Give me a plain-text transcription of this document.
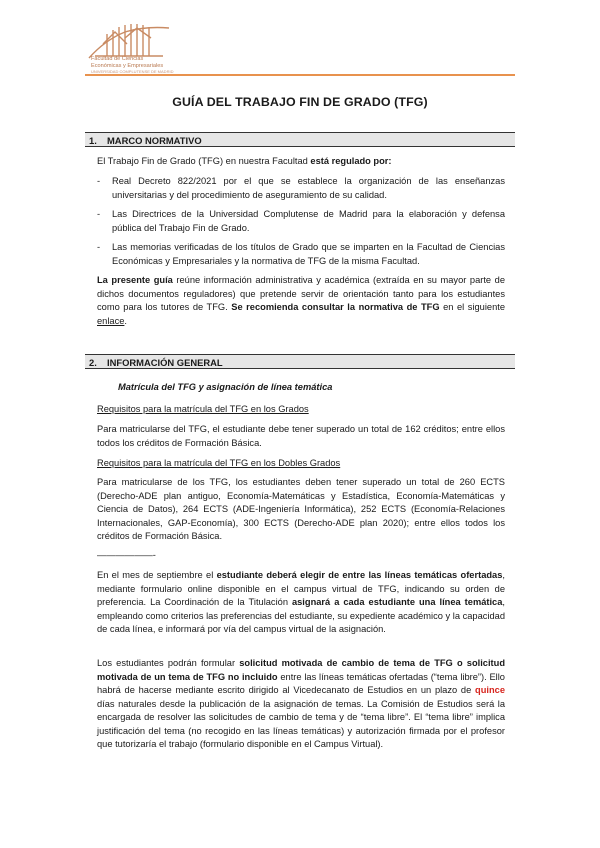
Facultad de Ciencias
Económicas y Empresariales
UNIVERSIDAD COMPLUTENSE DE MADRID
GUÍA DEL TRABAJO FIN DE GRADO (TFG)
1. MARCO NORMATIVO

El Trabajo Fin de Grado (TFG) en nuestra Facultad está regulado por:

- Real Decreto 822/2021 por el que se establece la organización de las enseñanzas universitarias y del procedimiento de aseguramiento de su calidad.
- Las Directrices de la Universidad Complutense de Madrid para la elaboración y defensa pública del Trabajo Fin de Grado.
- Las memorias verificadas de los títulos de Grado que se imparten en la Facultad de Ciencias Económicas y Empresariales y la normativa de TFG de la misma Facultad.

La presente guía reúne información administrativa y académica (extraída en su mayor parte de dichos documentos reguladores) que pretende servir de orientación tanto para los estudiantes como para los tutores de TFG. Se recomienda consultar la normativa de TFG en el siguiente enlace.

2. INFORMACIÓN GENERAL
Matrícula del TFG y asignación de línea temática
Requisitos para la matrícula del TFG en los Grados

Para matricularse del TFG, el estudiante debe tener superado un total de 162 créditos; entre ellos todos los créditos de Formación Básica.

Requisitos para la matrícula del TFG en los Dobles Grados

Para matricularse de los TFG, los estudiantes deben tener superado un total de 260 ECTS (Derecho-ADE plan antiguo, Economía-Matemáticas y Estadística, Economía-Matemáticas y Ciencia de Datos), 264 ECTS (ADE-Ingeniería Informática), 252 ECTS (Economía-Relaciones Internacionales, GAP-Economía), 300 ECTS (Derecho-ADE plan 2020); entre ellos todos los créditos de Formación Básica.

——————-

En el mes de septiembre el estudiante deberá elegir de entre las líneas temáticas ofertadas, mediante formulario online disponible en el campus virtual de TFG, indicando su orden de preferencia. La Coordinación de la Titulación asignará a cada estudiante una línea temática, empleando como criterios las preferencias del estudiante, su expediente académico y la capacidad de cada línea, e informará por vía del campus virtual de la asignación.

Los estudiantes podrán formular solicitud motivada de cambio de tema de TFG o solicitud motivada de un tema de TFG no incluido entre las líneas temáticas ofertadas (“tema libre”). Ello habrá de hacerse mediante escrito dirigido al Vicedecanato de Estudios en un plazo de quince días naturales desde la publicación de la asignación de temas. La Comisión de Estudios será la encargada de resolver las solicitudes de cambio de tema y de “tema libre”. El “tema libre” implica justificación del tema (no recogido en las líneas temáticas) y autorización firmada por el profesor que tutorizaría el trabajo (formulario disponible en el Campus Virtual).
